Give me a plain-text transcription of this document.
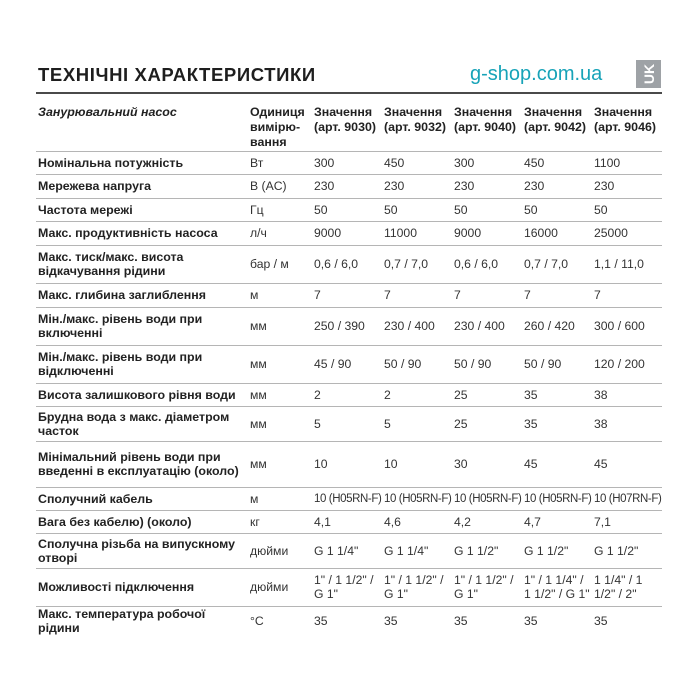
ТЕХНІЧНІ ХАРАКТЕРИСТИКИ	g-shop.com.ua	UK
Занурювальний насос	Одиниця вимірю-вання	Значення (арт. 9030)	Значення (арт. 9032)	Значення (арт. 9040)	Значення (арт. 9042)	Значення (арт. 9046)
Номінальна потужність	Вт	300	450	300	450	1100
Мережева напруга	В (AC)	230	230	230	230	230
Частота мережі	Гц	50	50	50	50	50
Макс. продуктивність насоса	л/ч	9000	11000	9000	16000	25000
Макс. тиск/макс. висота відкачування рідини	бар / м	0,6 / 6,0	0,7 / 7,0	0,6 / 6,0	0,7 / 7,0	1,1 / 11,0
Макс. глибина заглиблення	м	7	7	7	7	7
Мін./макс. рівень води при включенні	мм	250 / 390	230 / 400	230 / 400	260 / 420	300 / 600
Мін./макс. рівень води при відключенні	мм	45 / 90	50 / 90	50 / 90	50 / 90	120 / 200
Висота залишкового рівня води	мм	2	2	25	35	38
Брудна вода з макс. діаметром часток	мм	5	5	25	35	38
Мінімальний рівень води при введенні в експлуатацію (около)	мм	10	10	30	45	45
Сполучний кабель	м	10 (H05RN-F)	10 (H05RN-F)	10 (H05RN-F)	10 (H05RN-F)	10 (H07RN-F)
Вага без кабелю) (около)	кг	4,1	4,6	4,2	4,7	7,1
Сполучна різьба на випускному отворі	дюйми	G 1 1/4"	G 1 1/4"	G 1 1/2"	G 1 1/2"	G 1 1/2"
Можливості підключення	дюйми	1" / 1 1/2" / G 1"	1" / 1 1/2" / G 1"	1" / 1 1/2" / G 1"	1" / 1 1/4" / 1 1/2" / G 1"	1 1/4" / 1 1/2" / 2"
Макс. температура робочої рідини	°C	35	35	35	35	35
